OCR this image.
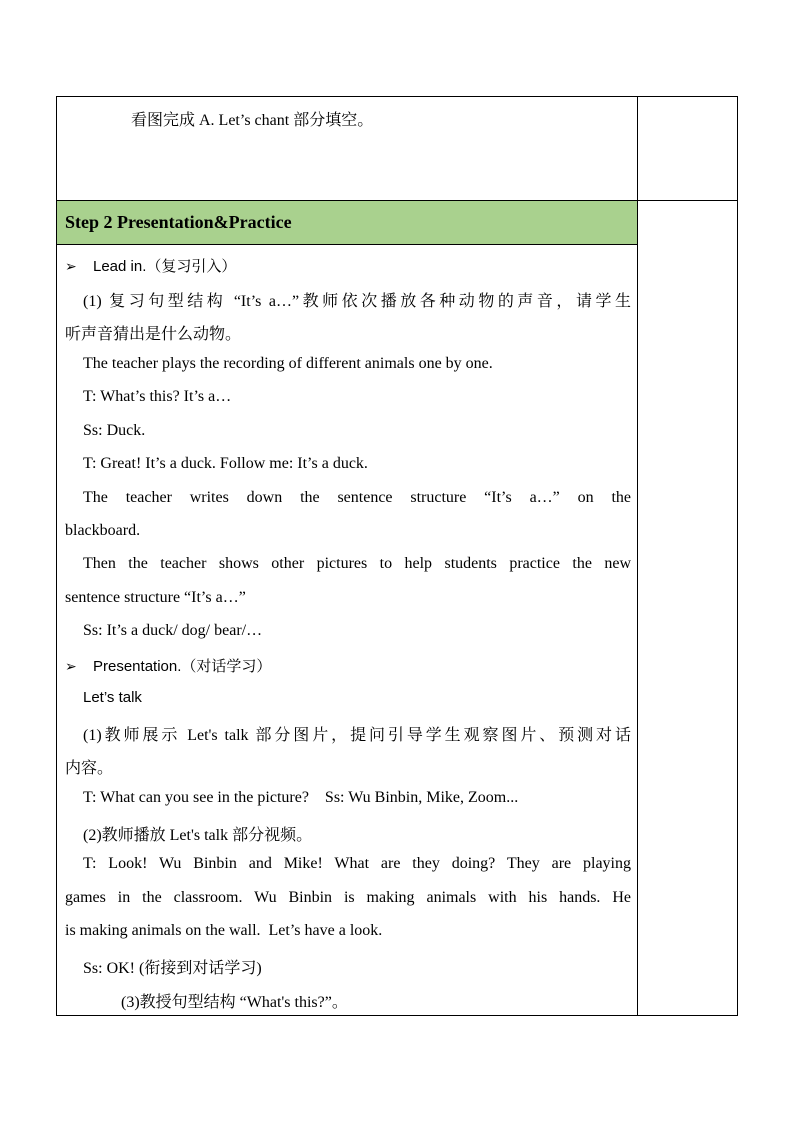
看图完成 A. Let’s chant 部分填空。
Step 2 Presentation&Practice
➢ Lead in.（复习引入）
(1) 复习句型结构 “It’s a…”教师依次播放各种动物的声音，请学生
听声音猜出是什么动物。
The teacher plays the recording of different animals one by one.
T: What’s this? It’s a…
Ss: Duck.
T: Great! It’s a duck. Follow me: It’s a duck.
The teacher writes down the sentence structure “It’s a…” on the
blackboard.
Then the teacher shows other pictures to help students practice the new
sentence structure “It’s a…”
Ss: It’s a duck/ dog/ bear/…
➢ Presentation.（对话学习）
Let’s talk
(1)教师展示 Let's talk 部分图片，提问引导学生观察图片、预测对话
内容。
T: What can you see in the picture?    Ss: Wu Binbin, Mike, Zoom...
(2)教师播放 Let's talk 部分视频。
T: Look! Wu Binbin and Mike! What are they doing? They are playing
games in the classroom. Wu Binbin is making animals with his hands. He
is making animals on the wall.  Let’s have a look.
Ss: OK! (衔接到对话学习)
(3)教授句型结构 “What's this?”。
